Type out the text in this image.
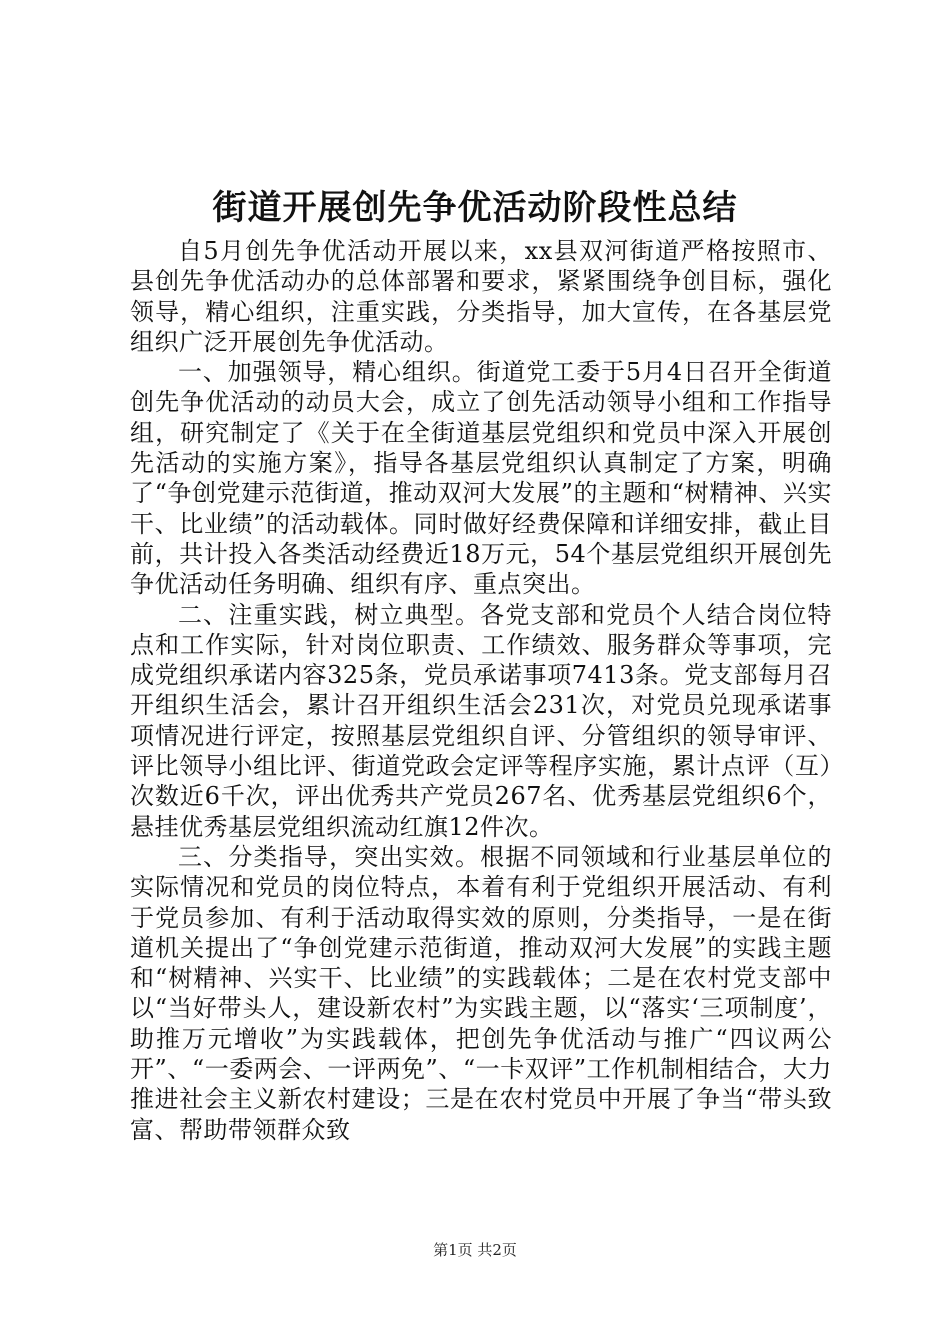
街道开展创先争优活动阶段性总结

自5月创先争优活动开展以来，xx县双河街道严格按照市、县创先争优活动办的总体部署和要求，紧紧围绕争创目标，强化领导，精心组织，注重实践，分类指导，加大宣传，在各基层党组织广泛开展创先争优活动。

一、加强领导，精心组织。街道党工委于5月4日召开全街道创先争优活动的动员大会，成立了创先活动领导小组和工作指导组，研究制定了《关于在全街道基层党组织和党员中深入开展创先活动的实施方案》，指导各基层党组织认真制定了方案，明确了“争创党建示范街道，推动双河大发展”的主题和“树精神、兴实干、比业绩”的活动载体。同时做好经费保障和详细安排，截止目前，共计投入各类活动经费近18万元，54个基层党组织开展创先争优活动任务明确、组织有序、重点突出。

二、注重实践，树立典型。各党支部和党员个人结合岗位特点和工作实际，针对岗位职责、工作绩效、服务群众等事项，完成党组织承诺内容325条，党员承诺事项7413条。党支部每月召开组织生活会，累计召开组织生活会231次，对党员兑现承诺事项情况进行评定，按照基层党组织自评、分管组织的领导审评、评比领导小组比评、街道党政会定评等程序实施，累计点评（互）次数近6千次，评出优秀共产党员267名、优秀基层党组织6个，悬挂优秀基层党组织流动红旗12件次。

三、分类指导，突出实效。根据不同领域和行业基层单位的实际情况和党员的岗位特点，本着有利于党组织开展活动、有利于党员参加、有利于活动取得实效的原则，分类指导，一是在街道机关提出了“争创党建示范街道，推动双河大发展”的实践主题和“树精神、兴实干、比业绩”的实践载体；二是在农村党支部中以“当好带头人，建设新农村”为实践主题，以“落实‘三项制度’，助推万元增收”为实践载体，把创先争优活动与推广“四议两公开”、“一委两会、一评两免”、“一卡双评”工作机制相结合，大力推进社会主义新农村建设；三是在农村党员中开展了争当“带头致富、帮助带领群众致

第1页 共2页
